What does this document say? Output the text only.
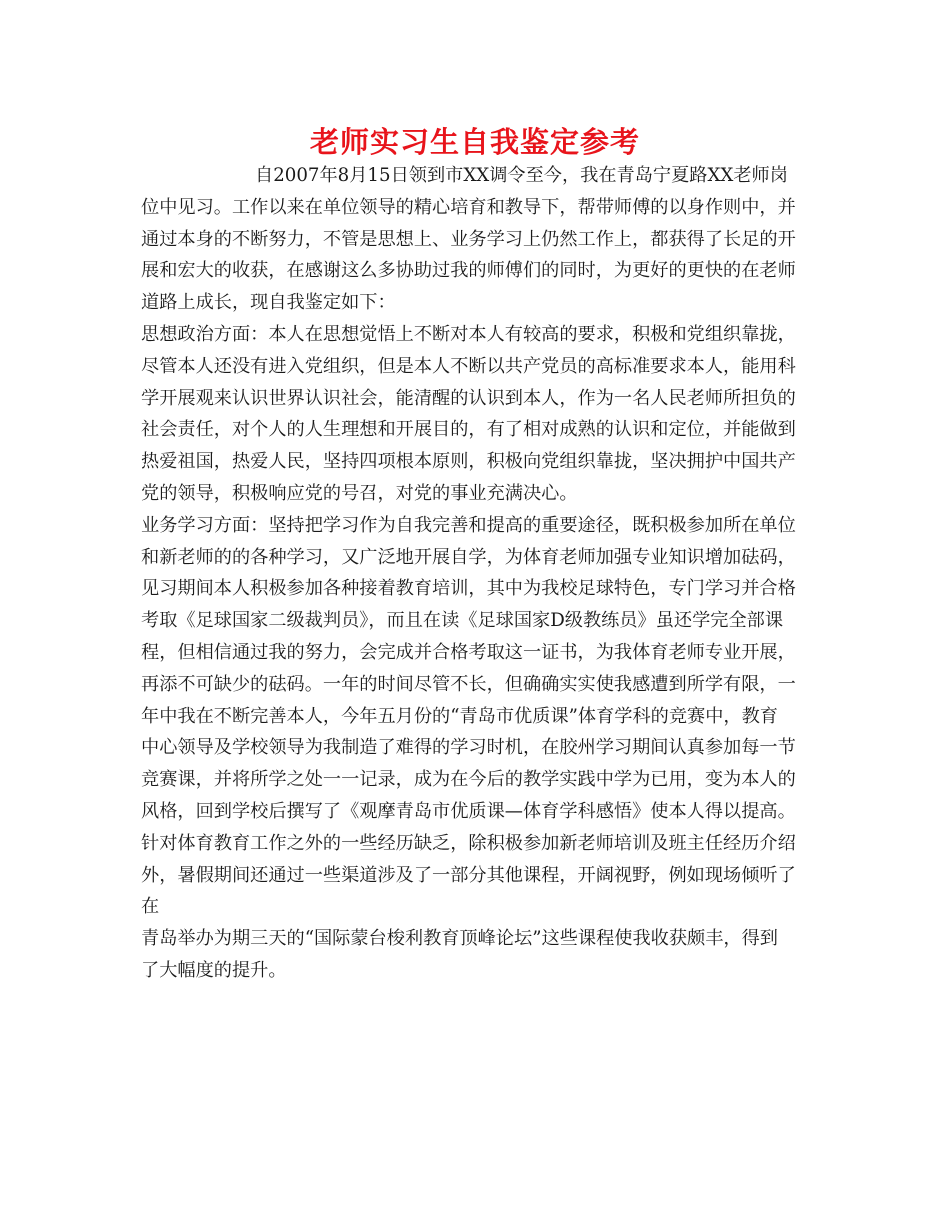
老师实习生自我鉴定参考
自2007年8月15日领到市XX调令至今，我在青岛宁夏路XX老师岗
位中见习。工作以来在单位领导的精心培育和教导下，帮带师傅的以身作则中，并
通过本身的不断努力，不管是思想上、业务学习上仍然工作上，都获得了长足的开
展和宏大的收获，在感谢这么多协助过我的师傅们的同时，为更好的更快的在老师
道路上成长，现自我鉴定如下：
思想政治方面：本人在思想觉悟上不断对本人有较高的要求，积极和党组织靠拢，
尽管本人还没有进入党组织，但是本人不断以共产党员的高标准要求本人，能用科
学开展观来认识世界认识社会，能清醒的认识到本人，作为一名人民老师所担负的
社会责任，对个人的人生理想和开展目的，有了相对成熟的认识和定位，并能做到
热爱祖国，热爱人民，坚持四项根本原则，积极向党组织靠拢，坚决拥护中国共产
党的领导，积极响应党的号召，对党的事业充满决心。
业务学习方面：坚持把学习作为自我完善和提高的重要途径，既积极参加所在单位
和新老师的的各种学习，又广泛地开展自学，为体育老师加强专业知识增加砝码，
见习期间本人积极参加各种接着教育培训，其中为我校足球特色，专门学习并合格
考取《足球国家二级裁判员》，而且在读《足球国家D级教练员》虽还学完全部课
程，但相信通过我的努力，会完成并合格考取这一证书，为我体育老师专业开展，
再添不可缺少的砝码。一年的时间尽管不长，但确确实实使我感遭到所学有限，一
年中我在不断完善本人，今年五月份的“青岛市优质课”体育学科的竞赛中，教育
中心领导及学校领导为我制造了难得的学习时机，在胶州学习期间认真参加每一节
竞赛课，并将所学之处一一记录，成为在今后的教学实践中学为已用，变为本人的
风格，回到学校后撰写了《观摩青岛市优质课—体育学科感悟》使本人得以提高。
针对体育教育工作之外的一些经历缺乏，除积极参加新老师培训及班主任经历介绍
外，暑假期间还通过一些渠道涉及了一部分其他课程，开阔视野，例如现场倾听了
在
青岛举办为期三天的“国际蒙台梭利教育顶峰论坛”这些课程使我收获颇丰，得到
了大幅度的提升。
